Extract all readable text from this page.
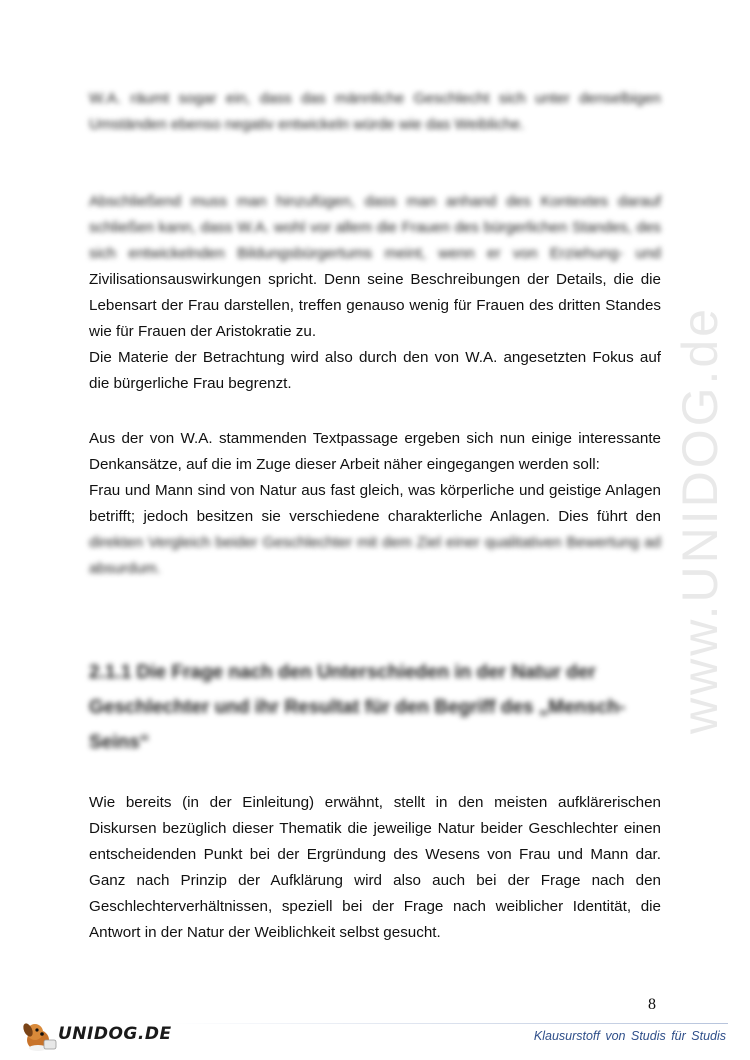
www.UNIDOG.de

W.A. räumt sogar ein, dass das männliche Geschlecht sich unter denselbigen Umständen ebenso negativ entwickeln würde wie das Weibliche.

Abschließend muss man hinzufügen, dass man anhand des Kontextes darauf schließen kann, dass W.A. wohl vor allem die Frauen des bürgerlichen Standes, des sich entwickelnden Bildungsbürgertums meint, wenn er von Erziehung- und Zivilisationsauswirkungen spricht. Denn seine Beschreibungen der Details, die die Lebensart der Frau darstellen, treffen genauso wenig für Frauen des dritten Standes wie für Frauen der Aristokratie zu.

Die Materie der Betrachtung wird also durch den von W.A. angesetzten Fokus auf die bürgerliche Frau begrenzt.

Aus der von W.A. stammenden Textpassage ergeben sich nun einige interessante Denkansätze, auf die im Zuge dieser Arbeit näher eingegangen werden soll:

Frau und Mann sind von Natur aus fast gleich, was körperliche und geistige Anlagen betrifft; jedoch besitzen sie verschiedene charakterliche Anlagen. Dies führt den direkten Vergleich beider Geschlechter mit dem Ziel einer qualitativen Bewertung ad absurdum.
2.1.1 Die Frage nach den Unterschieden in der Natur der Geschlechter und ihr Resultat für den Begriff des „Mensch-Seins“

Wie bereits (in der Einleitung) erwähnt, stellt in den meisten aufklärerischen Diskursen bezüglich dieser Thematik die jeweilige Natur beider Geschlechter einen entscheidenden Punkt bei der Ergründung des Wesens von Frau und Mann dar. Ganz nach Prinzip der Aufklärung wird also auch bei der Frage nach den Geschlechterverhältnissen, speziell bei der Frage nach weiblicher Identität, die Antwort in der Natur der Weiblichkeit selbst gesucht.

8
UNIDOG.DE	Klausurstoff von Studis für Studis
